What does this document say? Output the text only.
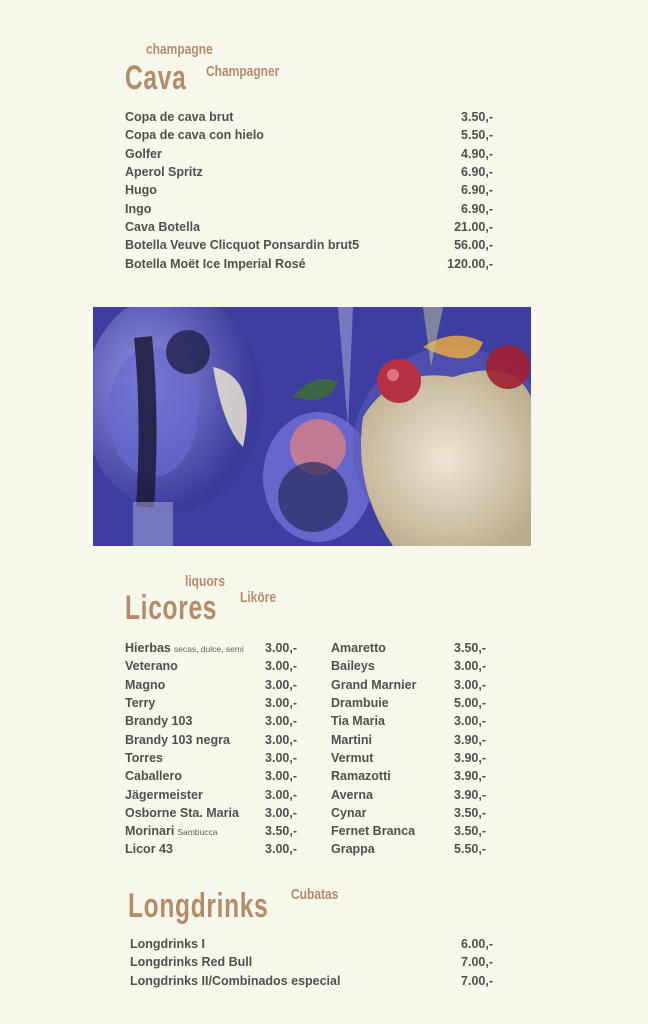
champagne
Cava Champagner
Copa de cava brut	3.50,-
Copa de cava con hielo	5.50,-
Golfer	4.90,-
Aperol Spritz	6.90,-
Hugo	6.90,-
Ingo	6.90,-
Cava Botella	21.00,-
Botella Veuve Clicquot Ponsardin brut5	56.00,-
Botella Moët Ice Imperial Rosé	120.00,-
liquors
Licores Liköre
Hierbas secas, dulce, semi 3.00,-
Veterano	3.00,-
Magno	3.00,-
Terry	3.00,-
Brandy 103	3.00,-
Brandy 103 negra	3.00,-
Torres	3.00,-
Caballero	3.00,-
Jägermeister	3.00,-
Osborne Sta. Maria 3.00,-
Morinari Sambucca	3.50,-
Licor 43	3.00,-
Amaretto	3.50,-
Baileys	3.00,-
Grand Marnier	3.00,-
Drambuie	5.00,-
Tia Maria	3.00,-
Martini	3.90,-
Vermut	3.90,-
Ramazotti	3.90,-
Averna	3.90,-
Cynar	3.50,-
Fernet Branca	3.50,-
Grappa	5.50,-
Longdrinks Cubatas
Longdrinks I	6.00,-
Longdrinks Red Bull	7.00,-
Longdrinks II/Combinados especial	7.00,-
